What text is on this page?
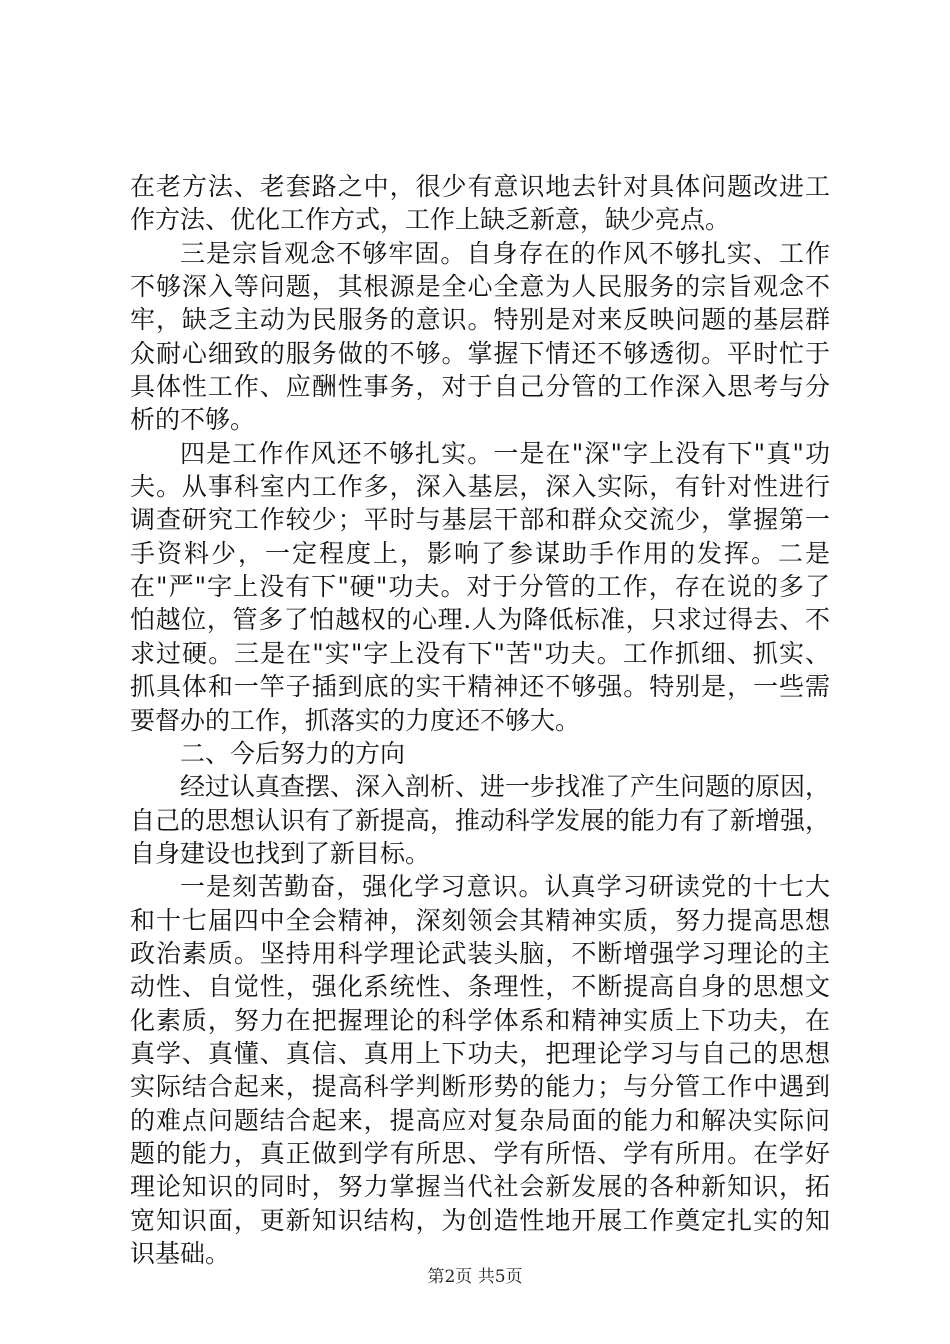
在老方法、老套路之中，很少有意识地去针对具体问题改进工
作方法、优化工作方式，工作上缺乏新意，缺少亮点。
三是宗旨观念不够牢固。自身存在的作风不够扎实、工作
不够深入等问题，其根源是全心全意为人民服务的宗旨观念不
牢，缺乏主动为民服务的意识。特别是对来反映问题的基层群
众耐心细致的服务做的不够。掌握下情还不够透彻。平时忙于
具体性工作、应酬性事务，对于自己分管的工作深入思考与分
析的不够。
四是工作作风还不够扎实。一是在"深"字上没有下"真"功
夫。从事科室内工作多，深入基层，深入实际，有针对性进行
调查研究工作较少；平时与基层干部和群众交流少，掌握第一
手资料少，一定程度上，影响了参谋助手作用的发挥。二是
在"严"字上没有下"硬"功夫。对于分管的工作，存在说的多了
怕越位，管多了怕越权的心理.人为降低标准，只求过得去、不
求过硬。三是在"实"字上没有下"苦"功夫。工作抓细、抓实、
抓具体和一竿子插到底的实干精神还不够强。特别是，一些需
要督办的工作，抓落实的力度还不够大。
二、今后努力的方向
经过认真查摆、深入剖析、进一步找准了产生问题的原因，
自己的思想认识有了新提高，推动科学发展的能力有了新增强，
自身建设也找到了新目标。
一是刻苦勤奋，强化学习意识。认真学习研读党的十七大
和十七届四中全会精神，深刻领会其精神实质，努力提高思想
政治素质。坚持用科学理论武装头脑，不断增强学习理论的主
动性、自觉性，强化系统性、条理性，不断提高自身的思想文
化素质，努力在把握理论的科学体系和精神实质上下功夫，在
真学、真懂、真信、真用上下功夫，把理论学习与自己的思想
实际结合起来，提高科学判断形势的能力；与分管工作中遇到
的难点问题结合起来，提高应对复杂局面的能力和解决实际问
题的能力，真正做到学有所思、学有所悟、学有所用。在学好
理论知识的同时，努力掌握当代社会新发展的各种新知识，拓
宽知识面，更新知识结构，为创造性地开展工作奠定扎实的知
识基础。
第2页 共5页
